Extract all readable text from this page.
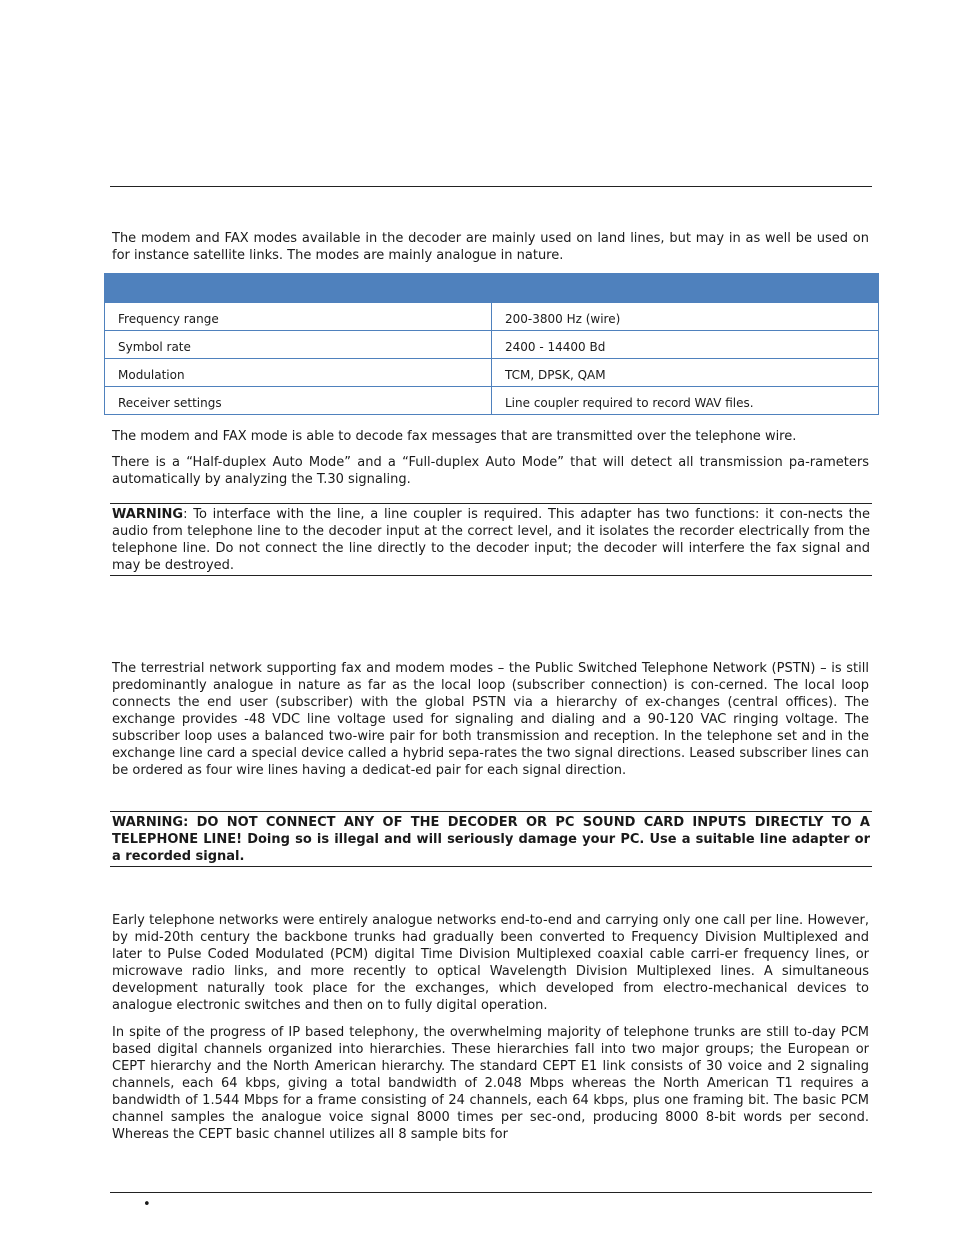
The modem and FAX modes available in the decoder are mainly used on land lines, but may in as well be used on for instance satellite links. The modes are mainly analogue in nature.

Frequency range	200-3800 Hz (wire)
Symbol rate	2400 - 14400 Bd
Modulation	TCM, DPSK, QAM
Receiver settings	Line coupler required to record WAV files.

The modem and FAX mode is able to decode fax messages that are transmitted over the telephone wire.

There is a “Half-duplex Auto Mode” and a “Full-duplex Auto Mode” that will detect all transmission pa-rameters automatically by analyzing the T.30 signaling.

WARNING: To interface with the line, a line coupler is required. This adapter has two functions: it con-nects the audio from telephone line to the decoder input at the correct level, and it isolates the recorder electrically from the telephone line. Do not connect the line directly to the decoder input; the decoder will interfere the fax signal and may be destroyed.

The terrestrial network supporting fax and modem modes – the Public Switched Telephone Network (PSTN) – is still predominantly analogue in nature as far as the local loop (subscriber connection) is con-cerned. The local loop connects the end user (subscriber) with the global PSTN via a hierarchy of ex-changes (central offices). The exchange provides -48 VDC line voltage used for signaling and dialing and a 90-120 VAC ringing voltage. The subscriber loop uses a balanced two-wire pair for both transmission and reception. In the telephone set and in the exchange line card a special device called a hybrid sepa-rates the two signal directions. Leased subscriber lines can be ordered as four wire lines having a dedicat-ed pair for each signal direction.

WARNING: DO NOT CONNECT ANY OF THE DECODER OR PC SOUND CARD INPUTS DIRECTLY TO A TELEPHONE LINE! Doing so is illegal and will seriously damage your PC. Use a suitable line adapter or a recorded signal.

Early telephone networks were entirely analogue networks end-to-end and carrying only one call per line. However, by mid-20th century the backbone trunks had gradually been converted to Frequency Division Multiplexed and later to Pulse Coded Modulated (PCM) digital Time Division Multiplexed coaxial cable carri-er frequency lines, or microwave radio links, and more recently to optical Wavelength Division Multiplexed lines. A simultaneous development naturally took place for the exchanges, which developed from electro-mechanical devices to analogue electronic switches and then on to fully digital operation.

In spite of the progress of IP based telephony, the overwhelming majority of telephone trunks are still to-day PCM based digital channels organized into hierarchies. These hierarchies fall into two major groups; the European or CEPT hierarchy and the North American hierarchy. The standard CEPT E1 link consists of 30 voice and 2 signaling channels, each 64 kbps, giving a total bandwidth of 2.048 Mbps whereas the North American T1 requires a bandwidth of 1.544 Mbps for a frame consisting of 24 channels, each 64 kbps, plus one framing bit. The basic PCM channel samples the analogue voice signal 8000 times per sec-ond, producing 8000 8-bit words per second. Whereas the CEPT basic channel utilizes all 8 sample bits for

•
